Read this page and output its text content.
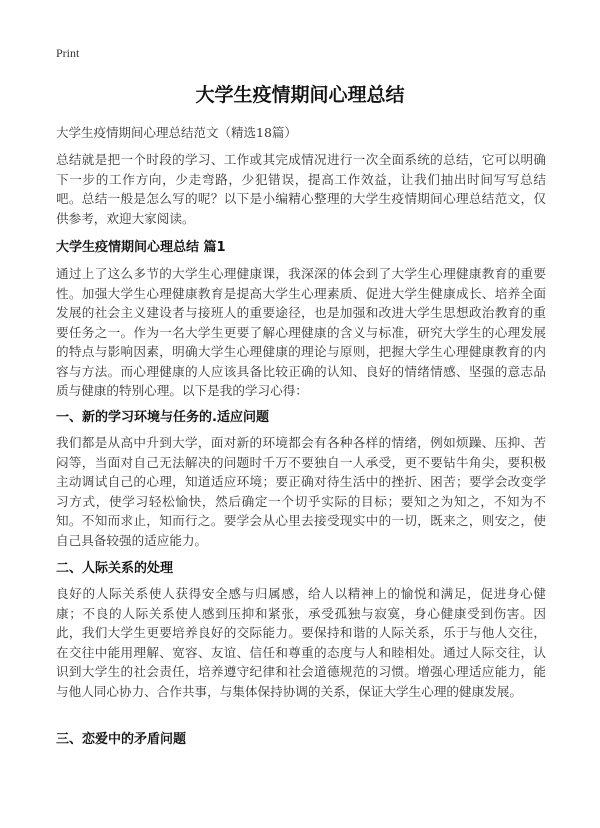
Print
大学生疫情期间心理总结
大学生疫情期间心理总结范文（精选18篇）
总结就是把一个时段的学习、工作或其完成情况进行一次全面系统的总结，它可以明确下一步的工作方向，少走弯路，少犯错误，提高工作效益，让我们抽出时间写写总结吧。总结一般是怎么写的呢？以下是小编精心整理的大学生疫情期间心理总结范文，仅供参考，欢迎大家阅读。
大学生疫情期间心理总结 篇1
通过上了这么多节的大学生心理健康课，我深深的体会到了大学生心理健康教育的重要性。加强大学生心理健康教育是提高大学生心理素质、促进大学生健康成长、培养全面发展的社会主义建设者与接班人的重要途径，也是加强和改进大学生思想政治教育的重要任务之一。作为一名大学生更要了解心理健康的含义与标准，研究大学生的心理发展的特点与影响因素，明确大学生心理健康的理论与原则，把握大学生心理健康教育的内容与方法。而心理健康的人应该具备比较正确的认知、良好的情绪情感、坚强的意志品质与健康的特别心理。以下是我的学习心得：
一、新的学习环境与任务的.适应问题
我们都是从高中升到大学，面对新的环境都会有各种各样的情绪，例如烦躁、压抑、苦闷等，当面对自己无法解决的问题时千万不要独自一人承受，更不要钻牛角尖，要积极主动调试自己的心理，知道适应环境；要正确对待生活中的挫折、困苦；要学会改变学习方式，使学习轻松愉快，然后确定一个切乎实际的目标；要知之为知之，不知为不知。不知而求止，知而行之。要学会从心里去接受现实中的一切，既来之，则安之，使自己具备较强的适应能力。
二、人际关系的处理
良好的人际关系使人获得安全感与归属感，给人以精神上的愉悦和满足，促进身心健康；不良的人际关系使人感到压抑和紧张，承受孤独与寂寞，身心健康受到伤害。因此，我们大学生更要培养良好的交际能力。要保持和谐的人际关系，乐于与他人交往，在交往中能用理解、宽容、友谊、信任和尊重的态度与人和睦相处。通过人际交往，认识到大学生的社会责任，培养遵守纪律和社会道德规范的习惯。增强心理适应能力，能与他人同心协力、合作共事，与集体保持协调的关系，保证大学生心理的健康发展。
三、恋爱中的矛盾问题
